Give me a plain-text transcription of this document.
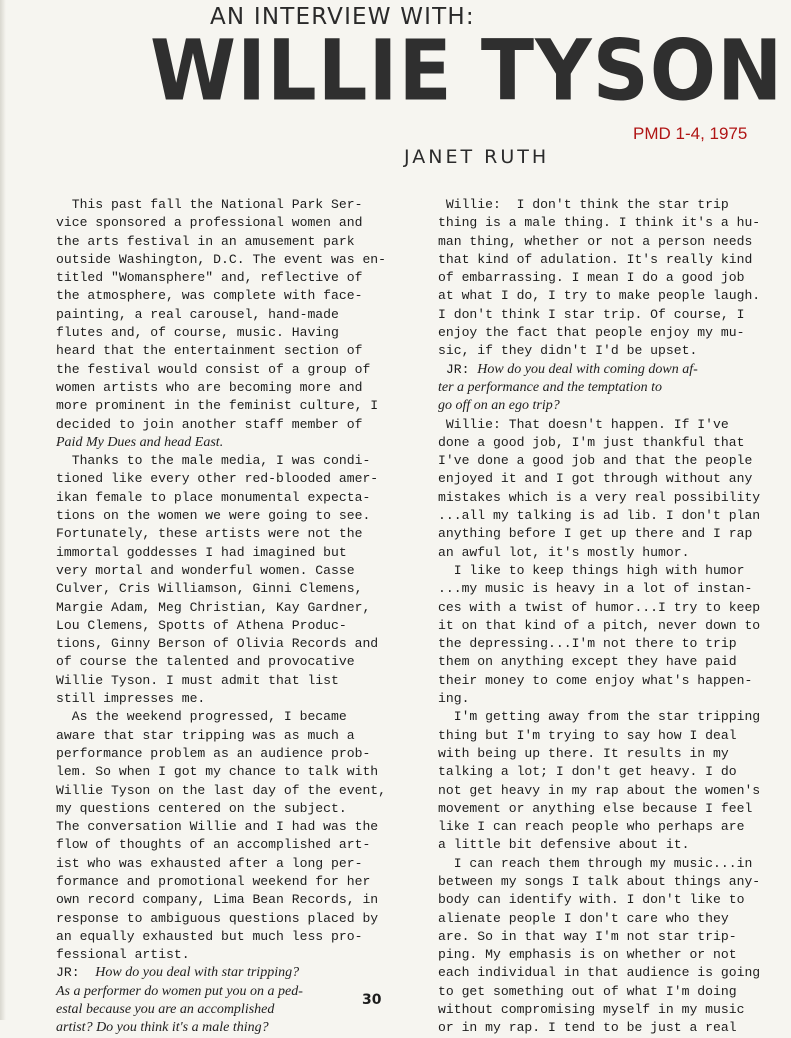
AN INTERVIEW WITH:
WILLIE TYSON
PMD 1-4, 1975
JANET RUTH
This past fall the National Park Ser-
vice sponsored a professional women and
the arts festival in an amusement park
outside Washington, D.C. The event was en-
titled "Womansphere" and, reflective of
the atmosphere, was complete with face-
painting, a real carousel, hand-made
flutes and, of course, music. Having
heard that the entertainment section of
the festival would consist of a group of
women artists who are becoming more and
more prominent in the feminist culture, I
decided to join another staff member of
Paid My Dues and head East.
Thanks to the male media, I was condi-
tioned like every other red-blooded amer-
ikan female to place monumental expecta-
tions on the women we were going to see.
Fortunately, these artists were not the
immortal goddesses I had imagined but
very mortal and wonderful women. Casse
Culver, Cris Williamson, Ginni Clemens,
Margie Adam, Meg Christian, Kay Gardner,
Lou Clemens, Spotts of Athena Produc-
tions, Ginny Berson of Olivia Records and
of course the talented and provocative
Willie Tyson. I must admit that list
still impresses me.
As the weekend progressed, I became
aware that star tripping was as much a
performance problem as an audience prob-
lem. So when I got my chance to talk with
Willie Tyson on the last day of the event,
my questions centered on the subject.
The conversation Willie and I had was the
flow of thoughts of an accomplished art-
ist who was exhausted after a long per-
formance and promotional weekend for her
own record company, Lima Bean Records, in
response to ambiguous questions placed by
an equally exhausted but much less pro-
fessional artist.
JR:  How do you deal with star tripping?
As a performer do women put you on a ped-
estal because you are an accomplished
artist? Do you think it's a male thing?
Willie:  I don't think the star trip
thing is a male thing. I think it's a hu-
man thing, whether or not a person needs
that kind of adulation. It's really kind
of embarrassing. I mean I do a good job
at what I do, I try to make people laugh.
I don't think I star trip. Of course, I
enjoy the fact that people enjoy my mu-
sic, if they didn't I'd be upset.
JR: How do you deal with coming down af-
ter a performance and the temptation to
go off on an ego trip?
Willie: That doesn't happen. If I've
done a good job, I'm just thankful that
I've done a good job and that the people
enjoyed it and I got through without any
mistakes which is a very real possibility
...all my talking is ad lib. I don't plan
anything before I get up there and I rap
an awful lot, it's mostly humor.
I like to keep things high with humor
...my music is heavy in a lot of instan-
ces with a twist of humor...I try to keep
it on that kind of a pitch, never down to
the depressing...I'm not there to trip
them on anything except they have paid
their money to come enjoy what's happen-
ing.
I'm getting away from the star tripping
thing but I'm trying to say how I deal
with being up there. It results in my
talking a lot; I don't get heavy. I do
not get heavy in my rap about the women's
movement or anything else because I feel
like I can reach people who perhaps are
a little bit defensive about it.
I can reach them through my music...in
between my songs I talk about things any-
body can identify with. I don't like to
alienate people I don't care who they
are. So in that way I'm not star trip-
ping. My emphasis is on whether or not
each individual in that audience is going
to get something out of what I'm doing
without compromising myself in my music
or in my rap. I tend to be just a real
30
